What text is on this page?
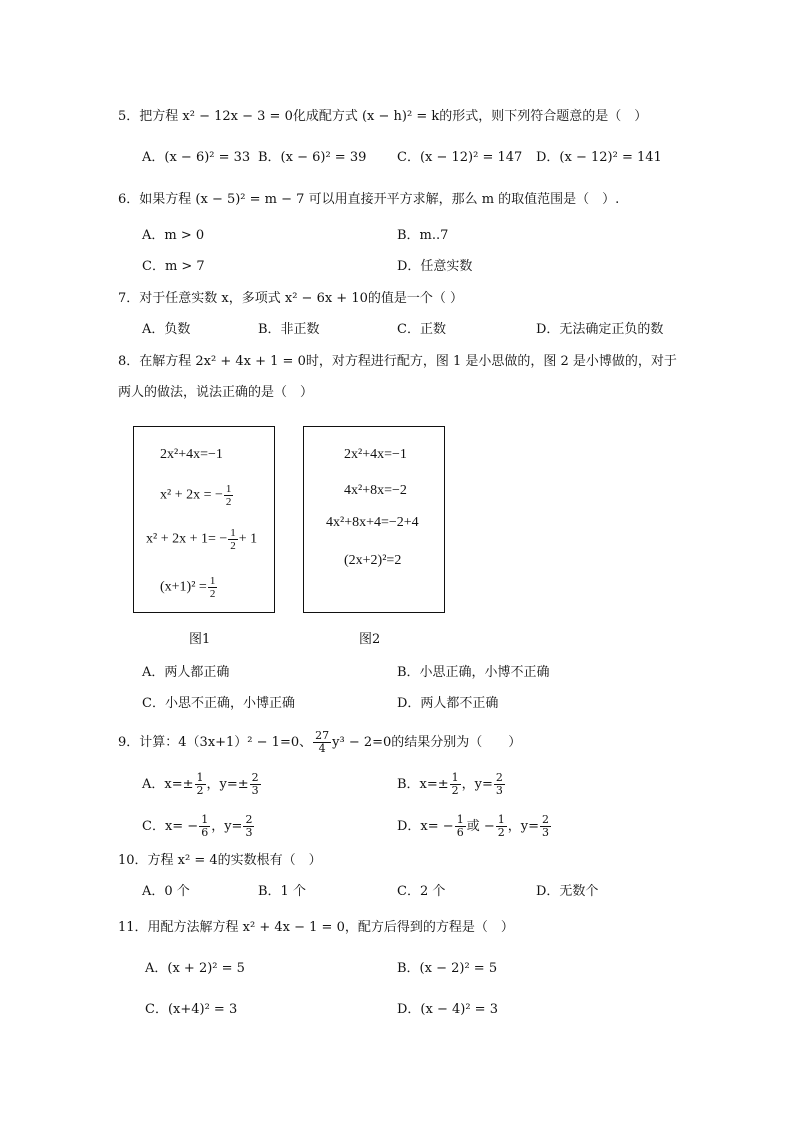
5．把方程 x² − 12x − 3 = 0化成配方式 (x − h)² = k的形式，则下列符合题意的是（　）
A．(x − 6)² = 33 B．(x − 6)² = 39 C．(x − 12)² = 147 D．(x − 12)² = 141
6．如果方程 (x − 5)² = m − 7 可以用直接开平方求解，那么 m 的取值范围是（　）.
A．m > 0	B．m..7
C．m > 7	D．任意实数
7．对于任意实数 x，多项式 x² − 6x + 10的值是一个（ ）
A．负数	B．非正数	C．正数	D．无法确定正负的数
8．在解方程 2x² + 4x + 1 = 0时，对方程进行配方，图 1 是小思做的，图 2 是小博做的，对于
两人的做法，说法正确的是（　）
2x²+4x=−1
x² + 2x = − $\frac{1}{2}$
$x^2 + 2x + 1= - \frac{1}{2} + 1$
$(x+1)^2 = \frac{1}{2}$
图1
2x²+4x=−1
4x²+8x=−2
4x²+8x+4=−2+4
(2x+2)²=2
图2
A．两人都正确	B．小思正确，小博不正确
C．小思不正确，小博正确	D．两人都不正确
9．计算：4（3x+1）² − 1=0、 $\frac{27}{4} y^3 - 2=0$的结果分别为（　　）
A．$x=\pm \frac{1}{2}$ ，$y=\pm \frac{2}{3}$	B．$x=\pm \frac{1}{2}$ ，$y= \frac{2}{3}$
C．$x= - \frac{1}{6}$ ，$y= \frac{2}{3}$	D．$x= - \frac{1}{6}$ 或 − $\frac{1}{2}$ ，$y= \frac{2}{3}$
10．方程 x² = 4的实数根有（　）
A．0 个	B．1 个	C．2 个	D．无数个
11．用配方法解方程 x² + 4x − 1 = 0，配方后得到的方程是（　）
A．(x + 2)² = 5	B．(x − 2)² = 5
C．(x+4)² = 3	D．(x − 4)² = 3
